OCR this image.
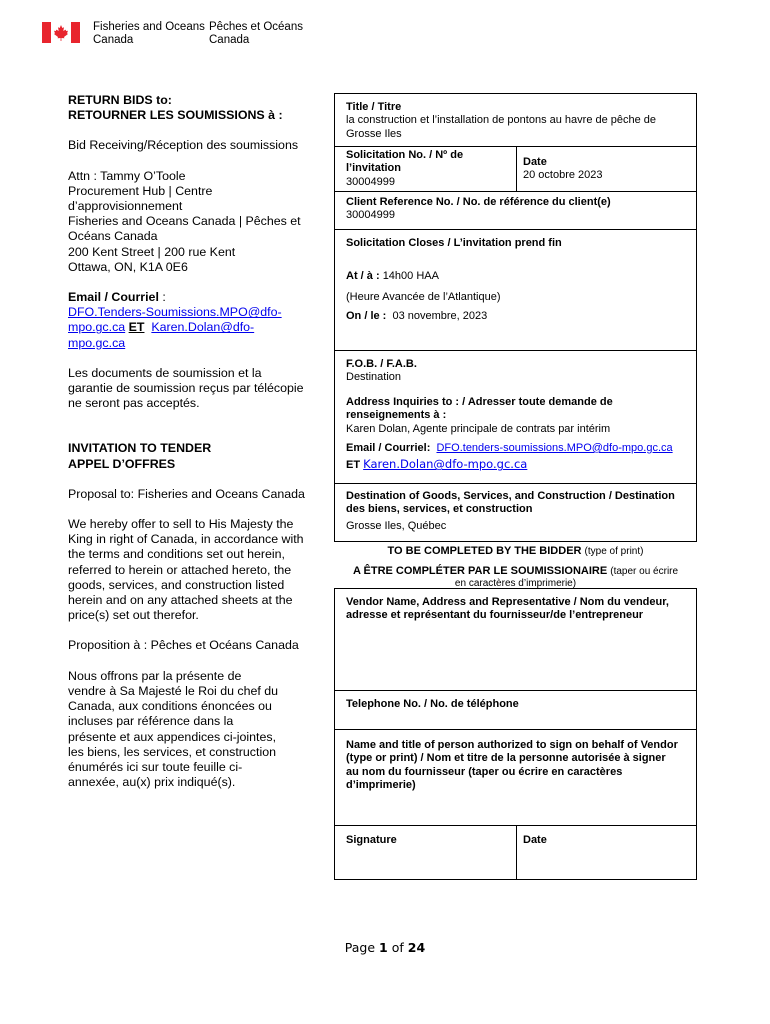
Fisheries and Oceans
Canada
Pêches et Océans
Canada

RETURN BIDS to:

RETOURNER LES SOUMISSIONS à :

Bid Receiving/Réception des soumissions

Attn : Tammy O’Toole

Procurement Hub | Centre

d’approvisionnement

Fisheries and Oceans Canada | Pêches et

Océans Canada

200 Kent Street | 200 rue Kent

Ottawa, ON, K1A 0E6

Email / Courriel :

DFO.Tenders-Soumissions.MPO@dfo-

mpo.gc.ca ET Karen.Dolan@dfo-

mpo.gc.ca

Les documents de soumission et la

garantie de soumission reçus par télécopie

ne seront pas acceptés.

INVITATION TO TENDER

APPEL D’OFFRES

Proposal to: Fisheries and Oceans Canada

We hereby offer to sell to His Majesty the

King in right of Canada, in accordance with

the terms and conditions set out herein,

referred to herein or attached hereto, the

goods, services, and construction listed

herein and on any attached sheets at the

price(s) set out therefor.

Proposition à : Pêches et Océans Canada

Nous offrons par la présente de

vendre à Sa Majesté le Roi du chef du

Canada, aux conditions énoncées ou

incluses par référence dans la

présente et aux appendices ci-jointes,

les biens, les services, et construction

énumérés ici sur toute feuille ci-

annexée, au(x) prix indiqué(s).

Title / Titre

la construction et l’installation de pontons au havre de pêche de

Grosse Iles

Solicitation No. / Nº de

l’invitation

30004999

Date

20 octobre 2023

Client Reference No. / No. de référence du client(e)

30004999

Solicitation Closes / L’invitation prend fin

At / à : 14h00 HAA

(Heure Avancée de l’Atlantique)

On / le : 03 novembre, 2023

F.O.B. / F.A.B.

Destination

Address Inquiries to : / Adresser toute demande de

renseignements à :

Karen Dolan, Agente principale de contrats par intérim

Email / Courriel: DFO.tenders-soumissions.MPO@dfo-mpo.gc.ca

ET Karen.Dolan@dfo-mpo.gc.ca

Destination of Goods, Services, and Construction / Destination

des biens, services, et construction

Grosse Iles, Québec

TO BE COMPLETED BY THE BIDDER (type of print)

A ÊTRE COMPLÉTER PAR LE SOUMISSIONAIRE (taper ou écrire

en caractères d’imprimerie)

Vendor Name, Address and Representative / Nom du vendeur,

adresse et représentant du fournisseur/de l’entrepreneur

Telephone No. / No. de téléphone

Name and title of person authorized to sign on behalf of Vendor

(type or print) / Nom et titre de la personne autorisée à signer

au nom du fournisseur (taper ou écrire en caractères

d’imprimerie)

Signature	Date

Page 1 of 24
